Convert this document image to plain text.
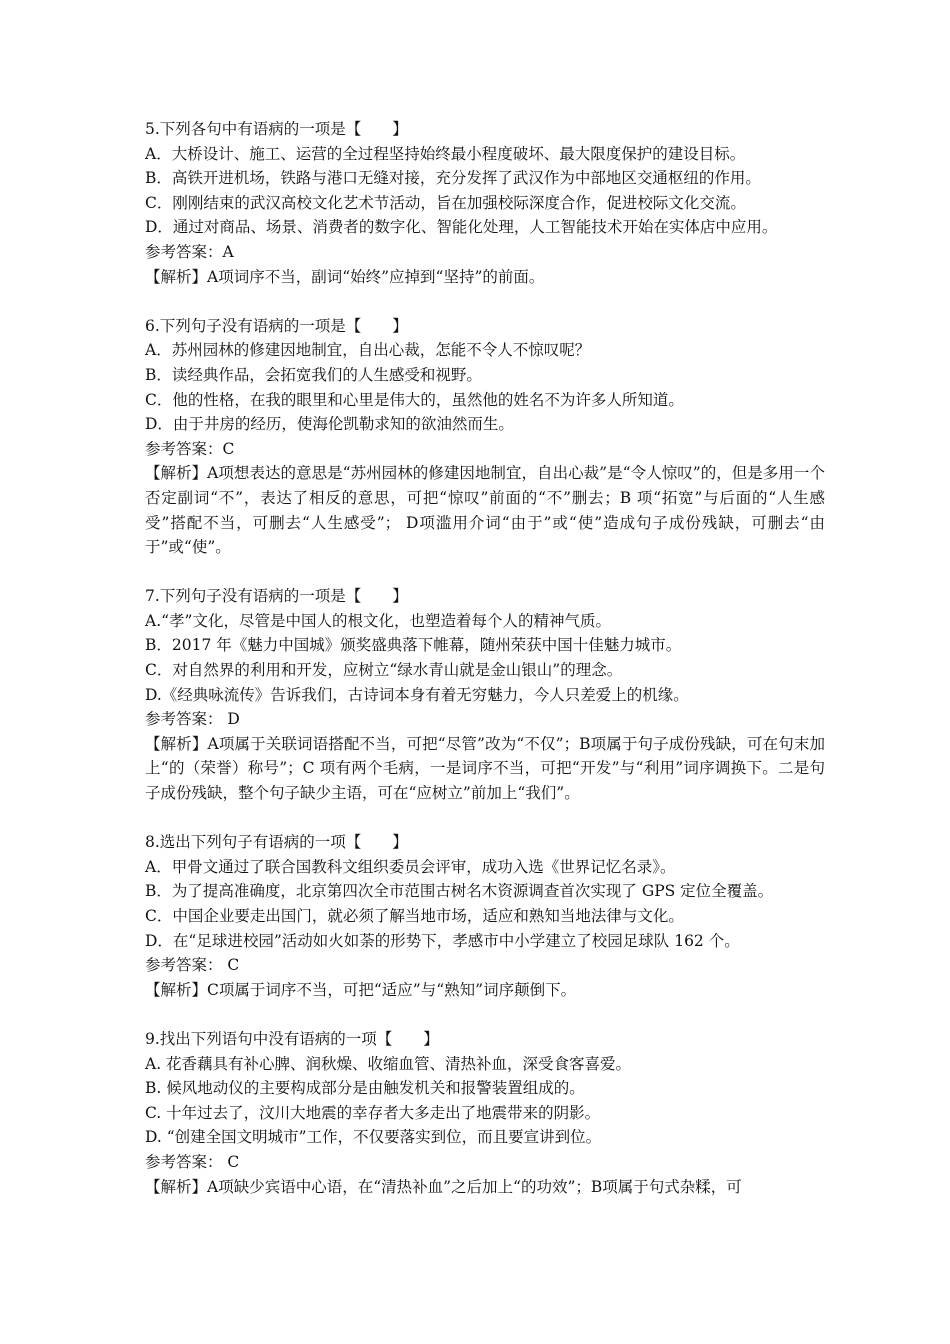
5.下列各句中有语病的一项是【　　】
A．大桥设计、施工、运营的全过程坚持始终最小程度破坏、最大限度保护的建设目标。
B．高铁开进机场，铁路与港口无缝对接，充分发挥了武汉作为中部地区交通枢纽的作用。
C．刚刚结束的武汉高校文化艺术节活动，旨在加强校际深度合作，促进校际文化交流。
D．通过对商品、场景、消费者的数字化、智能化处理，人工智能技术开始在实体店中应用。
参考答案：A
【解析】A项词序不当，副词“始终”应掉到“坚持”的前面。
6.下列句子没有语病的一项是【　　】
A．苏州园林的修建因地制宜，自出心裁，怎能不令人不惊叹呢？
B．读经典作品，会拓宽我们的人生感受和视野。
C．他的性格，在我的眼里和心里是伟大的，虽然他的姓名不为许多人所知道。
D．由于井房的经历，使海伦凯勒求知的欲油然而生。
参考答案：C
【解析】A项想表达的意思是“苏州园林的修建因地制宜，自出心裁”是“令人惊叹”的，但是多用一个否定副词“不”，表达了相反的意思，可把“惊叹”前面的“不”删去；B 项“拓宽”与后面的“人生感受”搭配不当，可删去“人生感受”； D项滥用介词“由于”或“使”造成句子成份残缺，可删去“由于”或“使”。
7.下列句子没有语病的一项是【　　】
A.“孝”文化，尽管是中国人的根文化，也塑造着每个人的精神气质。
B．2017 年《魅力中国城》颁奖盛典落下帷幕，随州荣获中国十佳魅力城市。
C．对自然界的利用和开发，应树立“绿水青山就是金山银山”的理念。
D.《经典咏流传》告诉我们，古诗词本身有着无穷魅力，今人只差爱上的机缘。
参考答案： D
【解析】A项属于关联词语搭配不当，可把“尽管”改为“不仅”；B项属于句子成份残缺，可在句末加上“的（荣誉）称号”；C 项有两个毛病，一是词序不当，可把“开发”与“利用”词序调换下。二是句子成份残缺，整个句子缺少主语，可在“应树立”前加上“我们”。
8.选出下列句子有语病的一项【　　】
A．甲骨文通过了联合国教科文组织委员会评审，成功入选《世界记忆名录》。
B．为了提高准确度，北京第四次全市范围古树名木资源调查首次实现了 GPS 定位全覆盖。
C．中国企业要走出国门，就必须了解当地市场，适应和熟知当地法律与文化。
D．在“足球进校园”活动如火如荼的形势下，孝感市中小学建立了校园足球队 162 个。
参考答案： C
【解析】C项属于词序不当，可把“适应”与“熟知”词序颠倒下。
9.找出下列语句中没有语病的一项【　　】
A. 花香藕具有补心脾、润秋燥、收缩血管、清热补血，深受食客喜爱。
B. 候风地动仪的主要构成部分是由触发机关和报警装置组成的。
C. 十年过去了，汶川大地震的幸存者大多走出了地震带来的阴影。
D. “创建全国文明城市”工作，不仅要落实到位，而且要宣讲到位。
参考答案： C
【解析】A项缺少宾语中心语，在“清热补血”之后加上“的功效”；B项属于句式杂糅，可
